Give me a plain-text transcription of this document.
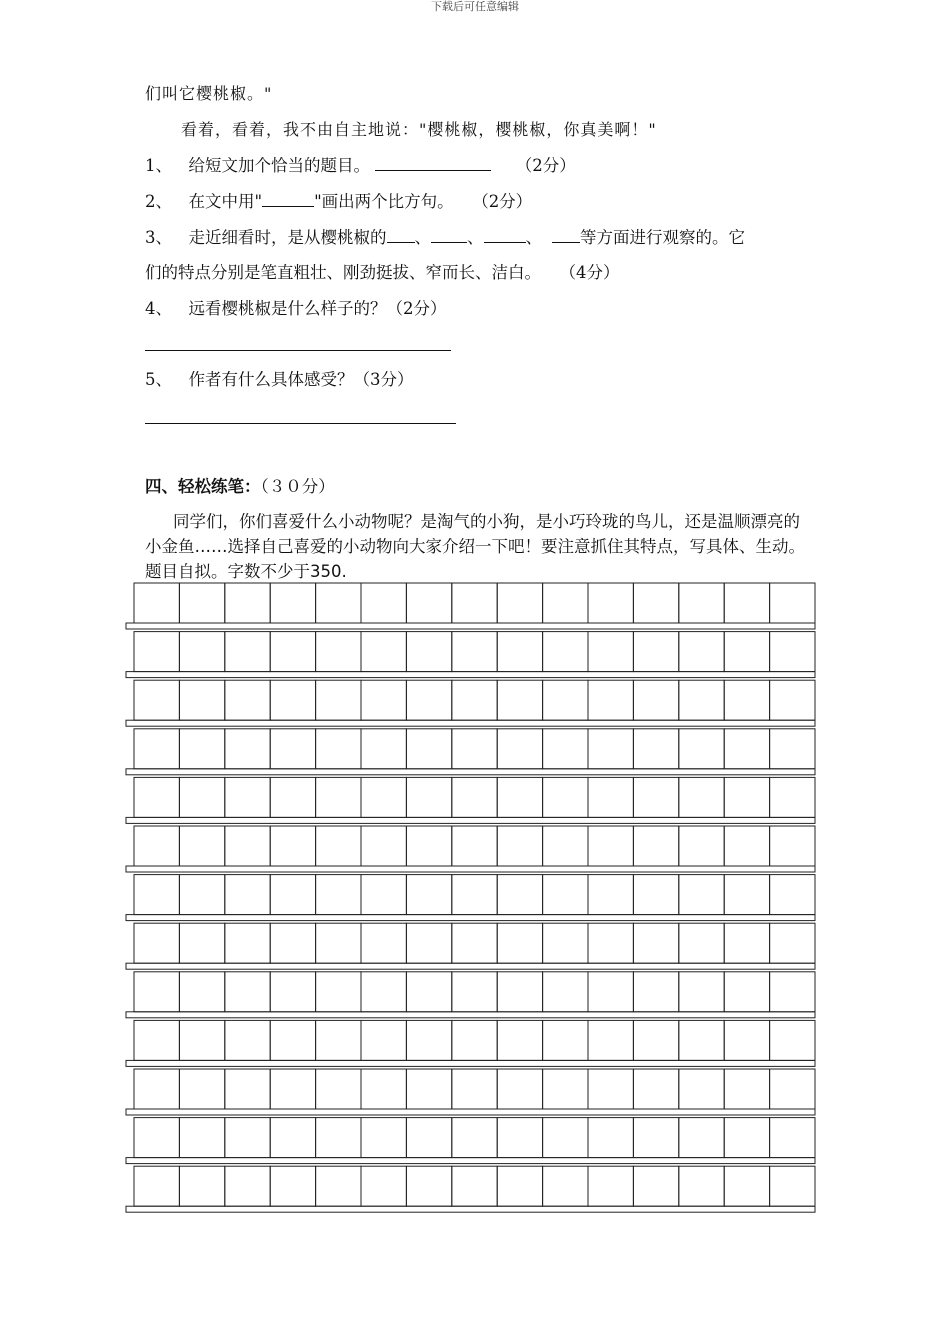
下载后可任意编辑
们叫它樱桃椒。"
看着，看着，我不由自主地说："樱桃椒，樱桃椒，你真美啊！"
1、 给短文加个恰当的题目。	（2分）
2、 在文中用"	"画出两个比方句。 （2分）
3、 走近细看时，是从樱桃椒的 、 、	、 等方面进行观察的。它
们的特点分别是笔直粗壮、刚劲挺拔、窄而长、洁白。 （4分）
4、 远看樱桃椒是什么样子的？（2分）
5、 作者有什么具体感受？（3分）
四、轻松练笔：（３０分）
同学们，你们喜爱什么小动物呢？是淘气的小狗，是小巧玲珑的鸟儿，还是温顺漂亮的小金鱼……选择自己喜爱的小动物向大家介绍一下吧！要注意抓住其特点，写具体、生动。题目自拟。字数不少于350.
